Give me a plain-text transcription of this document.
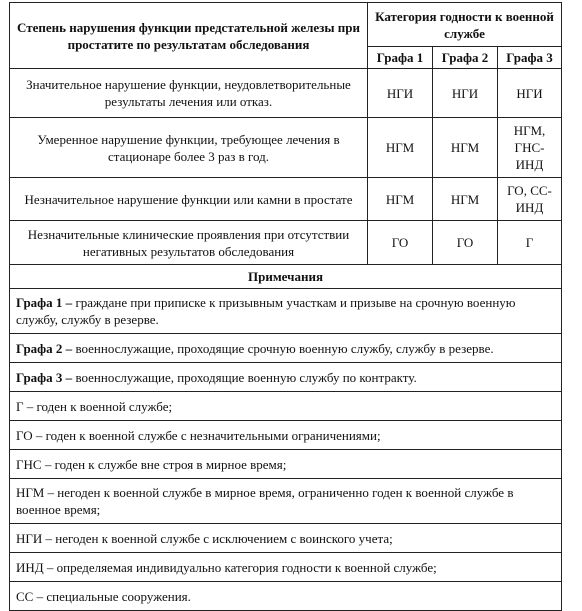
Степень нарушения функции предстательной железы при простатите по результатам обследования	Категория годности к военной службе		
	Графа 1	Графа 2	Графа 3
Значительное нарушение функции, неудовлетворительные результаты лечения или отказ.	НГИ	НГИ	НГИ
Умеренное нарушение функции, требующее лечения в стационаре более 3 раз в год.	НГМ	НГМ	НГМ, ГНС-ИНД
Незначительное нарушение функции или камни в простате	НГМ	НГМ	ГО, СС-ИНД
Незначительные клинические проявления при отсутствии негативных результатов обследования	ГО	ГО	Г
Примечания			
Графа 1 – граждане при приписке к призывным участкам и призыве на срочную военную службу, службу в резерве.			
Графа 2 – военнослужащие, проходящие срочную военную службу, службу в резерве.			
Графа 3 – военнослужащие, проходящие военную службу по контракту.			
Г – годен к военной службе;			
ГО – годен к военной службе с незначительными ограничениями;			
ГНС – годен к службе вне строя в мирное время;			
НГМ – негоден к военной службе в мирное время, ограниченно годен к военной службе в военное время;			
НГИ – негоден к военной службе с исключением с воинского учета;			
ИНД – определяемая индивидуально категория годности к военной службе;			
СС – специальные сооружения.			
